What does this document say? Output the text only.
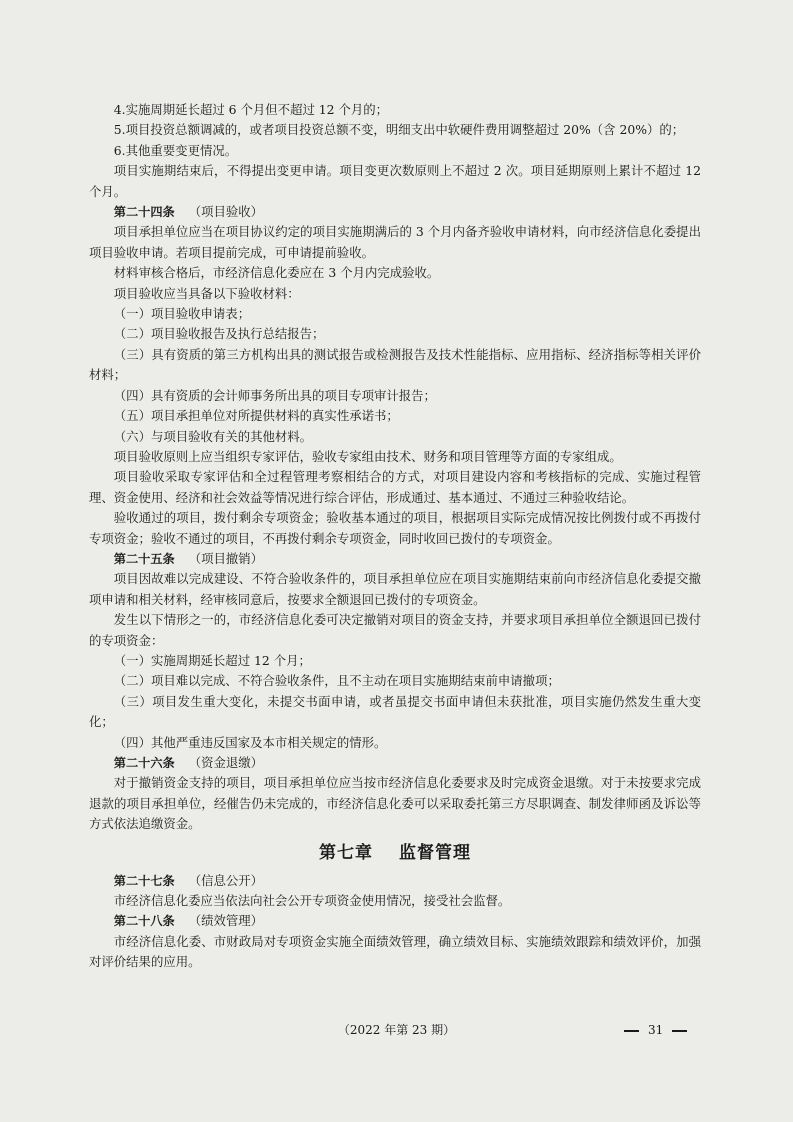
4.实施周期延长超过 6 个月但不超过 12 个月的；

5.项目投资总额调减的，或者项目投资总额不变，明细支出中软硬件费用调整超过 20%（含 20%）的；

6.其他重要变更情况。

项目实施期结束后，不得提出变更申请。项目变更次数原则上不超过 2 次。项目延期原则上累计不超过 12 个月。

第二十四条 （项目验收）

项目承担单位应当在项目协议约定的项目实施期满后的 3 个月内备齐验收申请材料，向市经济信息化委提出项目验收申请。若项目提前完成，可申请提前验收。

材料审核合格后，市经济信息化委应在 3 个月内完成验收。

项目验收应当具备以下验收材料：

（一）项目验收申请表；

（二）项目验收报告及执行总结报告；

（三）具有资质的第三方机构出具的测试报告或检测报告及技术性能指标、应用指标、经济指标等相关评价材料；

（四）具有资质的会计师事务所出具的项目专项审计报告；

（五）项目承担单位对所提供材料的真实性承诺书；

（六）与项目验收有关的其他材料。

项目验收原则上应当组织专家评估，验收专家组由技术、财务和项目管理等方面的专家组成。

项目验收采取专家评估和全过程管理考察相结合的方式，对项目建设内容和考核指标的完成、实施过程管理、资金使用、经济和社会效益等情况进行综合评估，形成通过、基本通过、不通过三种验收结论。

验收通过的项目，拨付剩余专项资金；验收基本通过的项目，根据项目实际完成情况按比例拨付或不再拨付专项资金；验收不通过的项目，不再拨付剩余专项资金，同时收回已拨付的专项资金。

第二十五条 （项目撤销）

项目因故难以完成建设、不符合验收条件的，项目承担单位应在项目实施期结束前向市经济信息化委提交撤项申请和相关材料，经审核同意后，按要求全额退回已拨付的专项资金。

发生以下情形之一的，市经济信息化委可决定撤销对项目的资金支持，并要求项目承担单位全额退回已拨付的专项资金：

（一）实施周期延长超过 12 个月；

（二）项目难以完成、不符合验收条件，且不主动在项目实施期结束前申请撤项；

（三）项目发生重大变化，未提交书面申请，或者虽提交书面申请但未获批准，项目实施仍然发生重大变化；

（四）其他严重违反国家及本市相关规定的情形。

第二十六条 （资金退缴）

对于撤销资金支持的项目，项目承担单位应当按市经济信息化委要求及时完成资金退缴。对于未按要求完成退款的项目承担单位，经催告仍未完成的，市经济信息化委可以采取委托第三方尽职调查、制发律师函及诉讼等方式依法追缴资金。

第七章 监督管理

第二十七条 （信息公开）

市经济信息化委应当依法向社会公开专项资金使用情况，接受社会监督。

第二十八条 （绩效管理）

市经济信息化委、市财政局对专项资金实施全面绩效管理，确立绩效目标、实施绩效跟踪和绩效评价，加强对评价结果的应用。

（2022 年第 23 期）	31
